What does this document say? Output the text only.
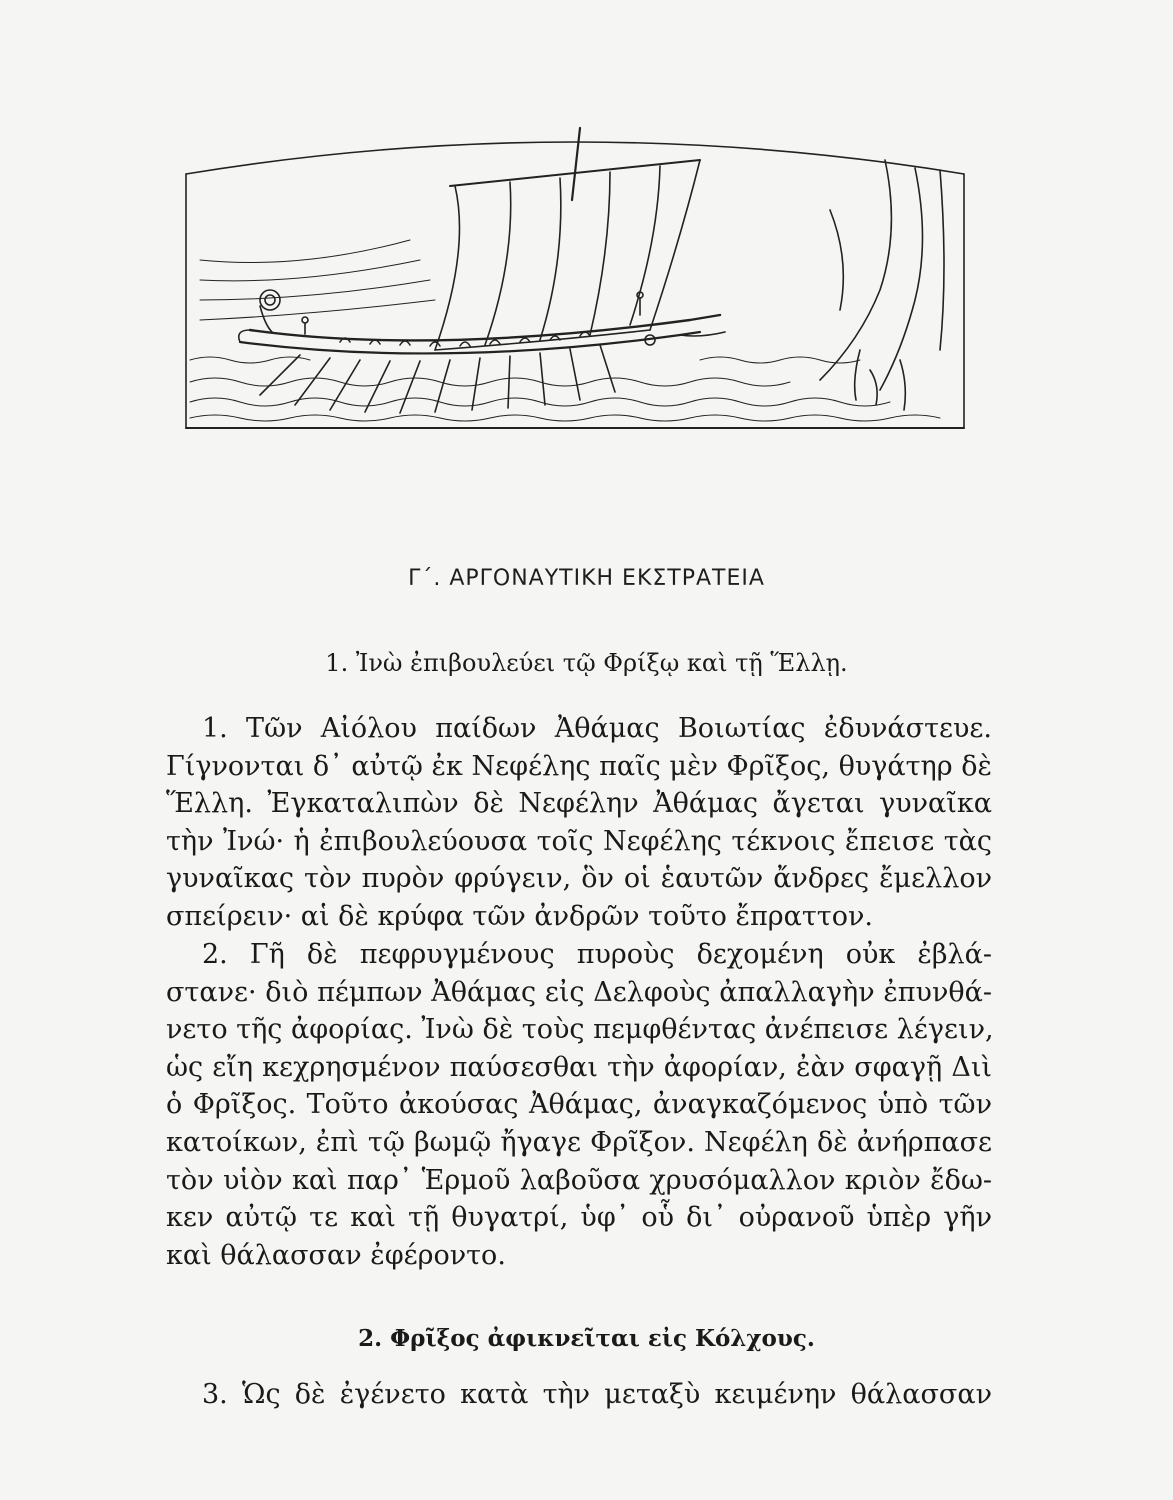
Γ΄. ΑΡΓΟΝΑΥΤΙΚΗ ΕΚΣΤΡΑΤΕΙΑ
1. Ἰνὼ ἐπιβουλεύει τῷ Φρίξῳ καὶ τῇ Ἕλλῃ.
1. Τῶν Αἰόλου παίδων Ἀθάμας Βοιωτίας ἐδυνάστευε.
Γίγνονται δ᾽ αὐτῷ ἐκ Νεφέλης παῖς μὲν Φρῖξος, θυγάτηρ δὲ
Ἕλλη. Ἐγκαταλιπὼν δὲ Νεφέλην Ἀθάμας ἄγεται γυναῖκα
τὴν Ἰνώ· ἡ ἐπιβουλεύουσα τοῖς Νεφέλης τέκνοις ἔπεισε τὰς
γυναῖκας τὸν πυρὸν φρύγειν, ὃν οἱ ἑαυτῶν ἄνδρες ἔμελλον
σπείρειν· αἱ δὲ κρύφα τῶν ἀνδρῶν τοῦτο ἔπραττον.
2. Γῆ δὲ πεφρυγμένους πυροὺς δεχομένη οὐκ ἐβλά-
στανε· διὸ πέμπων Ἀθάμας εἰς Δελφοὺς ἀπαλλαγὴν ἐπυνθά-
νετο τῆς ἀφορίας. Ἰνὼ δὲ τοὺς πεμφθέντας ἀνέπεισε λέγειν,
ὡς εἴη κεχρησμένον παύσεσθαι τὴν ἀφορίαν, ἐὰν σφαγῇ Διὶ
ὁ Φρῖξος. Τοῦτο ἀκούσας Ἀθάμας, ἀναγκαζόμενος ὑπὸ τῶν
κατοίκων, ἐπὶ τῷ βωμῷ ἤγαγε Φρῖξον. Νεφέλη δὲ ἀνήρπασε
τὸν υἱὸν καὶ παρ᾽ Ἑρμοῦ λαβοῦσα χρυσόμαλλον κριὸν ἔδω-
κεν αὐτῷ τε καὶ τῇ θυγατρί, ὑφ᾽ οὗ δι᾽ οὐρανοῦ ὑπὲρ γῆν
καὶ θάλασσαν ἐφέροντο.
2. Φρῖξος ἀφικνεῖται εἰς Κόλχους.
3. Ὡς δὲ ἐγένετο κατὰ τὴν μεταξὺ κειμένην θάλασσαν
